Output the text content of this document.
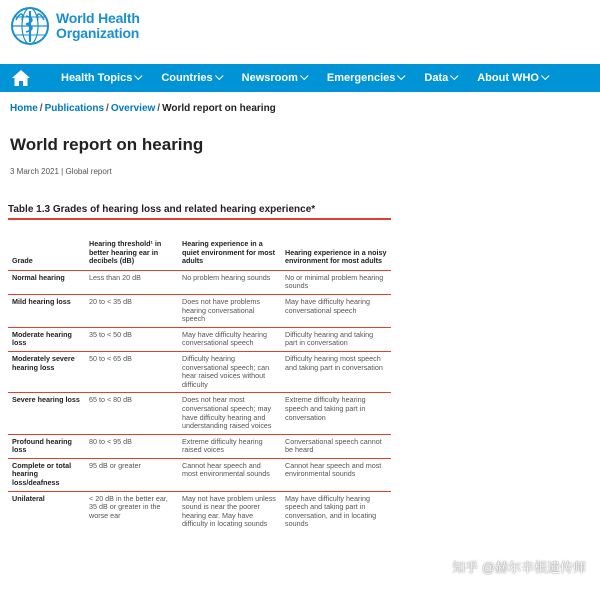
World Health
Organization
Health Topics	Countries	Newsroom	Emergencies	Data	About WHO
Home / Publications / Overview / World report on hearing
World report on hearing
3 March 2021 | Global report
Table 1.3 Grades of hearing loss and related hearing experience*
Grade	Hearing threshold¹ in better hearing ear in decibels (dB)	Hearing experience in a quiet environment for most adults	Hearing experience in a noisy environment for most adults
Normal hearing	Less than 20 dB	No problem hearing sounds	No or minimal problem hearing sounds
Mild hearing loss	20 to < 35 dB	Does not have problems hearing conversational speech	May have difficulty hearing conversational speech
Moderate hearing loss	35 to < 50 dB	May have difficulty hearing conversational speech	Difficulty hearing and taking part in conversation
Moderately severe hearing loss	50 to < 65 dB	Difficulty hearing conversational speech; can hear raised voices without difficulty	Difficulty hearing most speech and taking part in conversation
Severe hearing loss	65 to < 80 dB	Does not hear most conversational speech; may have difficulty hearing and understanding raised voices	Extreme difficulty hearing speech and taking part in conversation
Profound hearing loss	80 to < 95 dB	Extreme difficulty hearing raised voices	Conversational speech cannot be heard
Complete or total hearing loss/deafness	95 dB or greater	Cannot hear speech and most environmental sounds	Cannot hear speech and most environmental sounds
Unilateral	< 20 dB in the better ear, 35 dB or greater in the worse ear	May not have problem unless sound is near the poorer hearing ear. May have difficulty in locating sounds	May have difficulty hearing speech and taking part in conversation, and in locating sounds
知乎 @赫尔辛根遗传师
